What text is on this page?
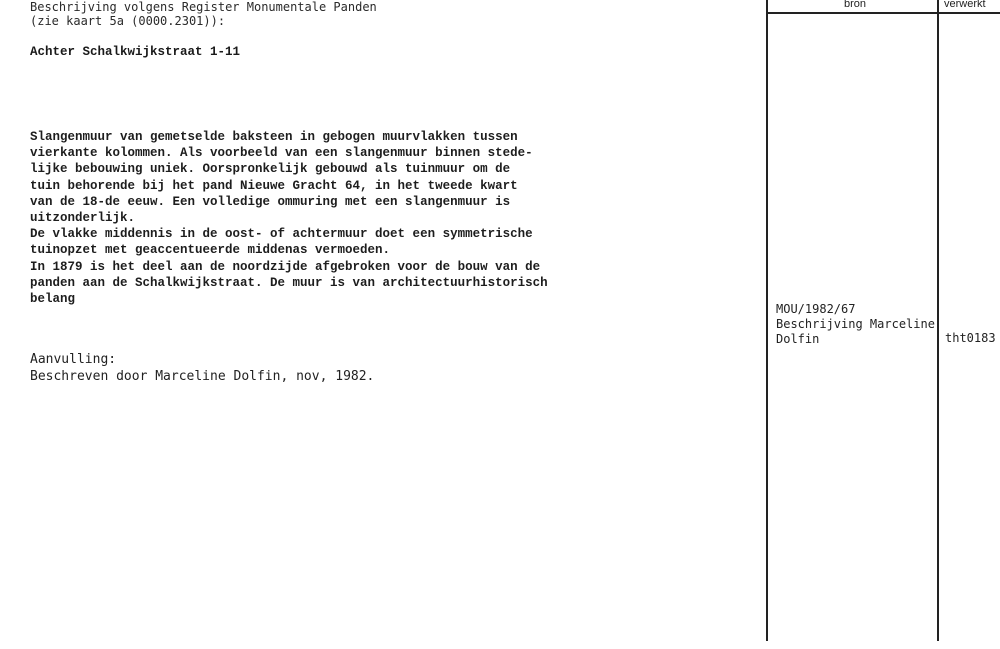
Beschrijving volgens Register Monumentale Panden
(zie kaart 5a (0000.2301)):
Achter Schalkwijkstraat 1-11
Slangenmuur van gemetselde baksteen in gebogen muurvlakken tussen
vierkante kolommen. Als voorbeeld van een slangenmuur binnen stede-
lijke bebouwing uniek. Oorspronkelijk gebouwd als tuinmuur om de
tuin behorende bij het pand Nieuwe Gracht 64, in het tweede kwart
van de 18-de eeuw. Een volledige ommuring met een slangenmuur is
uitzonderlijk.
De vlakke middennis in de oost- of achtermuur doet een symmetrische
tuinopzet met geaccentueerde middenas vermoeden.
In 1879 is het deel aan de noordzijde afgebroken voor de bouw van de
panden aan de Schalkwijkstraat. De muur is van architectuurhistorisch
belang
Aanvulling:
Beschreven door Marceline Dolfin, nov, 1982.
bron	verwerkt
MOU/1982/67
Beschrijving Marceline
Dolfin	tht0183
